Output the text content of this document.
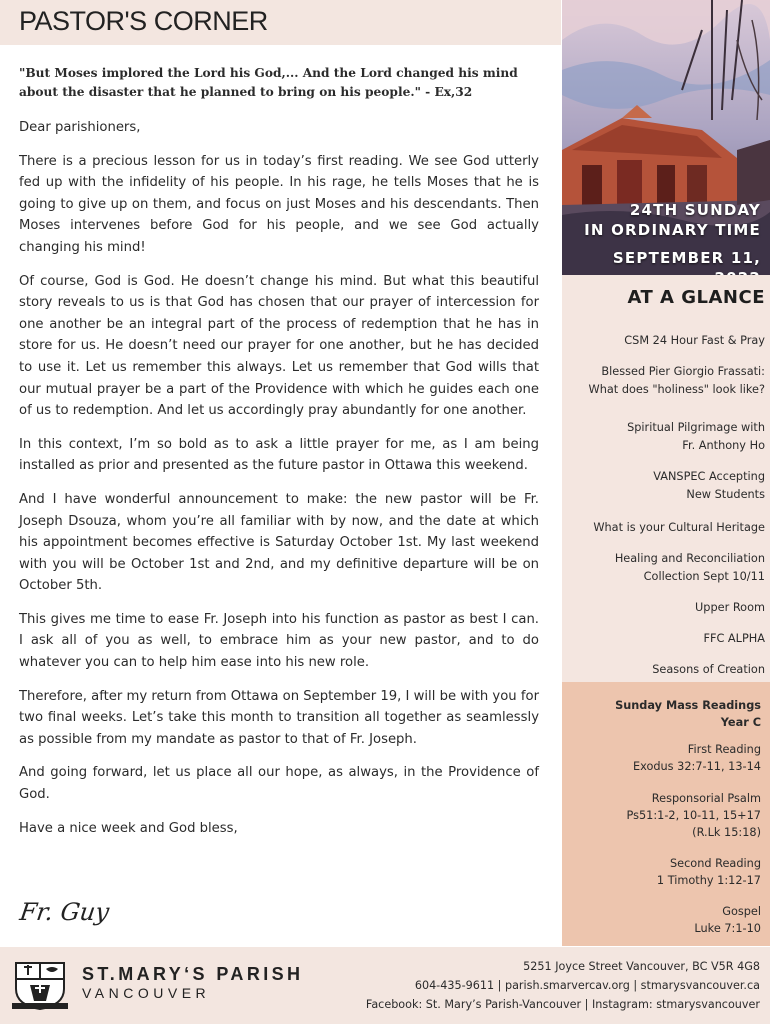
PASTOR'S CORNER

"But Moses implored the Lord his God,... And the Lord changed his mind about the disaster that he planned to bring on his people." - Ex,32

Dear parishioners,

There is a precious lesson for us in today’s first reading. We see God utterly fed up with the infidelity of his people. In his rage, he tells Moses that he is going to give up on them, and focus on just Moses and his descendants. Then Moses intervenes before God for his people, and we see God actually changing his mind!

Of course, God is God. He doesn’t change his mind. But what this beautiful story reveals to us is that God has chosen that our prayer of intercession for one another be an integral part of the process of redemption that he has in store for us. He doesn’t need our prayer for one another, but he has decided to use it. Let us remember this always. Let us remember that God wills that our mutual prayer be a part of the Providence with which he guides each one of us to redemption. And let us accordingly pray abundantly for one another.

In this context, I’m so bold as to ask a little prayer for me, as I am being installed as prior and presented as the future pastor in Ottawa this weekend.

And I have wonderful announcement to make: the new pastor will be Fr. Joseph Dsouza, whom you’re all familiar with by now, and the date at which his appointment becomes effective is Saturday October 1st. My last weekend with you will be October 1st and 2nd, and my definitive departure will be on October 5th.

This gives me time to ease Fr. Joseph into his function as pastor as best I can. I ask all of you as well, to embrace him as your new pastor, and to do whatever you can to help him ease into his new role.

Therefore, after my return from Ottawa on September 19, I will be with you for two final weeks. Let’s take this month to transition all together as seamlessly as possible from my mandate as pastor to that of Fr. Joseph.

And going forward, let us place all our hope, as always, in the Providence of God.

Have a nice week and God bless,

Fr. Guy
24TH SUNDAY
IN ORDINARY TIME
SEPTEMBER 11,
AT A GLANCE
CSM 24 Hour Fast & Pray
Blessed Pier Giorgio Frassati:
What does "holiness" look like?
Spiritual Pilgrimage with
Fr. Anthony Ho
VANSPEC Accepting
New Students
What is your Cultural Heritage
Healing and Reconciliation
Collection Sept 10/11
Upper Room
FFC ALPHA
Seasons of Creation
Sunday Mass Readings
Year C
First Reading
Exodus 32:7-11, 13-14
Responsorial Psalm
Ps51:1-2, 10-11, 15+17
(R.Lk 15:18)
Second Reading
1 Timothy 1:12-17
Gospel
Luke 7:1-10
ST.MARY‘S PARISH
VANCOUVER
5251 Joyce Street Vancouver, BC V5R 4G8
604-435-9611 | parish.smarvercav.org | stmarysvancouver.ca
Facebook: St. Mary’s Parish-Vancouver | Instagram: stmarysvancouver
